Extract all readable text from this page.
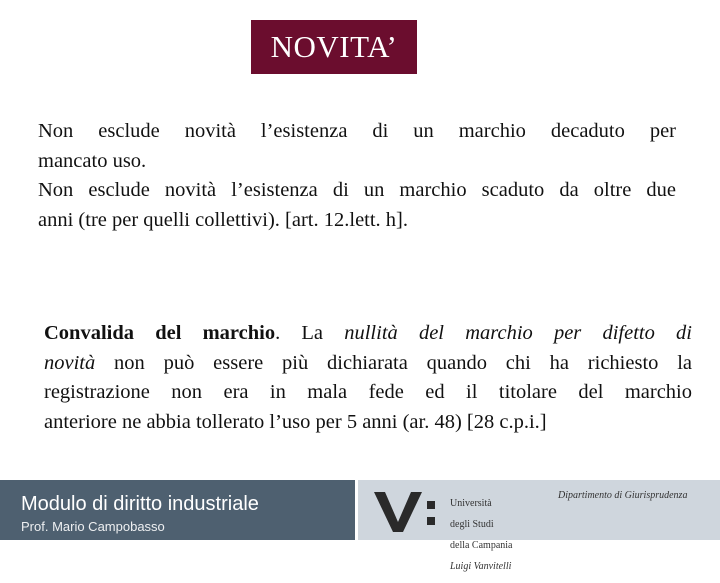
NOVITA’
Non esclude novità l’esistenza di un marchio decaduto per
mancato uso.
Non esclude novità l’esistenza di un marchio scaduto da oltre due
anni (tre per quelli collettivi). [art. 12.lett. h].
Convalida del marchio. La nullità del marchio per difetto di
novità non può essere più dichiarata quando chi ha richiesto la
registrazione non era in mala fede ed il titolare del marchio
anteriore ne abbia tollerato l’uso per 5 anni (ar. 48) [28 c.p.i.]
Modulo di diritto industriale
Prof. Mario Campobasso

Università

degli Studi

della Campania

Luigi Vanvitelli

Dipartimento di Giurisprudenza
